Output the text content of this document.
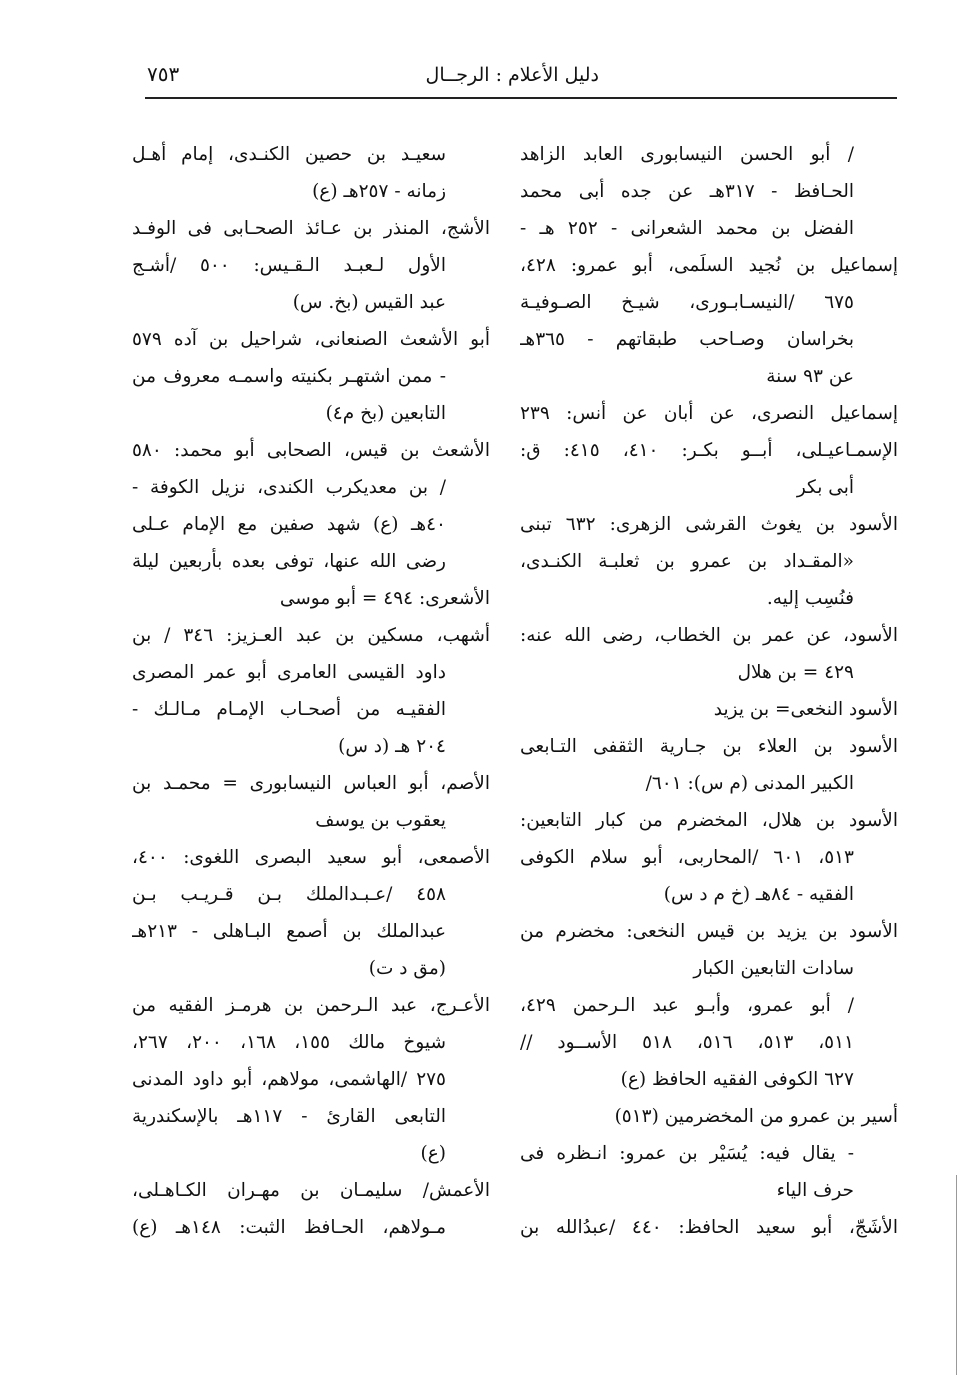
٧٥٣	دليل الأعلام : الرجــال
/ أبو الحسن النيسابورى العابد الزاهد
الحـافظ - ٣١٧هـ عن جده أبى محمد
الفضل بن محمد الشعرانى - ٢٥٢ هـ -
إسماعيل بن نُجيد السلَمى، أبو عمرو: ٤٢٨،
٦٧٥ /النيسـابـورى، شيـخ الصـوفيـة
بخراسان وصـاحب طبقاتهم - ٣٦٥هـ
عن ٩٣ سنة
إسماعيل النصرى، عن أبان عن أنس: ٢٣٩
الإسمـاعيـلى، أبــو بكـر: ٤١٠، ٤١٥: ق:
أبى بكر
الأسود بن يغوث القرشى الزهرى: ٦٣٢ تبنى
«المقـداد بن عمرو بن ثعلبـة الكنـدى،
فنُسِب إليه.
الأسود، عن عمر بن الخطاب، رضى الله عنه:
٤٢٩ = بن هلال
الأسود النخعى= بن يزيد
الأسود بن العلاء بن جـارية الثقفى التـابعى
الكبير المدنى (م س): ٦٠١/
الأسود بن هلال، المخضرم من كبار التابعين:
٥١٣، ٦٠١ /المحاربى، أبو سلام الكوفى
الفقيه - ٨٤هـ (خ م د س)
الأسود بن يزيد بن قيس النخعى: مخضرم من
سادات التابعين الكبار
/ أبو عمرو، وأبـو عبد الـرحمن ٤٢٩،
٥١١، ٥١٣، ٥١٦، ٥١٨ الأســود //
٦٢٧ الكوفى الفقيه الحافظ (ع)
أسير بن عمرو من المخضرمين (٥١٣)
- يقال فيه: يُسَيْر بن عمرو: انـظره فى
حرف الياء
الأشَجّ، أبو سعيد الحافظ: ٤٤٠ /عبدُالله بن
سعيـد بن حصين الكنـدى، إمام أهـل
زمانه - ٢٥٧هـ (ع)
الأشج، المنذر بن عـائذ الصحـابى فى الوفـد
الأول لـعبـد الـقـيس: ٥٠٠ /أشـج
عبد القيس (بخ. س)
أبو الأشعث الصنعانى، شراحيل بن آده ٥٧٩
- ممن اشتهـر بكنيته واسمـه معروف من
التابعين (بخ م٤)
الأشعث بن قيس، الصحابى أبو محمد: ٥٨٠
/ بن معديكرب الكندى، نزيل الكوفة -
٤٠هـ (ع) شهد صفين مع الإمام عـلى
رضى الله عنها، توفى بعده بأربعين ليلة
الأشعرى: ٤٩٤ = أبو موسى
أشهب، مسكين بن عبد العـزيز: ٣٤٦ / بن
داود القيسى العامرى أبو عمر المصرى
الفقيـه من أصحـاب الإمـام مـالـك -
٢٠٤ هـ (د س)
الأصم، أبو العباس النيسابورى = محمـد بن
يعقوب بن يوسف
الأصمعى، أبو سعيد البصرى اللغوى: ٤٠٠،
٤٥٨ /عـبـدالملك بـن قـريـب بـن
عبدالملك بن أصمع البـاهلى - ٢١٣هـ
(مق د ت)
الأعـرج، عبد الـرحمن بن هرمـز الفقيه من
شيوخ مالك ١٥٥، ١٦٨، ٢٠٠، ٢٦٧،
٢٧٥ /الهاشمى، مولاهم، أبو داود المدنى
التابعى القارئ - ١١٧هـ بالإسكندرية
(ع)
الأعمش/ سليمـان بن مهـران الكـاهـلى،
مـولاهم، الحـافظ الثبت: ١٤٨هـ (ع)
